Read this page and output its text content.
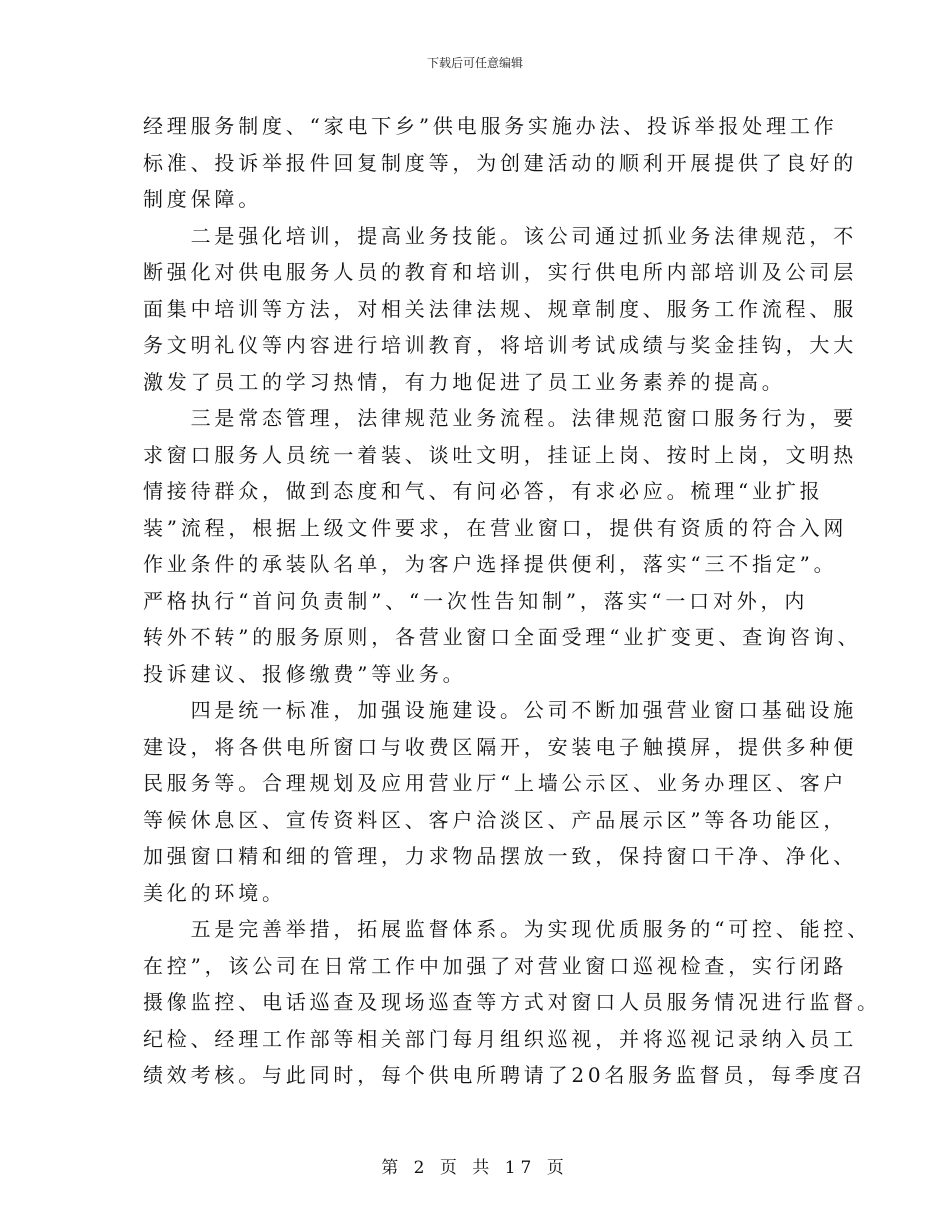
下载后可任意编辑
经理服务制度、“家电下乡”供电服务实施办法、投诉举报处理工作
标准、投诉举报件回复制度等，为创建活动的顺利开展提供了良好的
制度保障。
　　二是强化培训，提高业务技能。该公司通过抓业务法律规范，不
断强化对供电服务人员的教育和培训，实行供电所内部培训及公司层
面集中培训等方法，对相关法律法规、规章制度、服务工作流程、服
务文明礼仪等内容进行培训教育，将培训考试成绩与奖金挂钩，大大
激发了员工的学习热情，有力地促进了员工业务素养的提高。
　　三是常态管理，法律规范业务流程。法律规范窗口服务行为，要
求窗口服务人员统一着装、谈吐文明，挂证上岗、按时上岗，文明热
情接待群众，做到态度和气、有问必答，有求必应。梳理“业扩报
装”流程，根据上级文件要求，在营业窗口，提供有资质的符合入网
作业条件的承装队名单，为客户选择提供便利，落实“三不指定”。
严格执行“首问负责制”、“一次性告知制”，落实“一口对外，内
转外不转”的服务原则，各营业窗口全面受理“业扩变更、查询咨询、
投诉建议、报修缴费”等业务。
　　四是统一标准，加强设施建设。公司不断加强营业窗口基础设施
建设，将各供电所窗口与收费区隔开，安装电子触摸屏，提供多种便
民服务等。合理规划及应用营业厅“上墙公示区、业务办理区、客户
等候休息区、宣传资料区、客户洽淡区、产品展示区”等各功能区，
加强窗口精和细的管理，力求物品摆放一致，保持窗口干净、净化、
美化的环境。
　　五是完善举措，拓展监督体系。为实现优质服务的“可控、能控、
在控”，该公司在日常工作中加强了对营业窗口巡视检查，实行闭路
摄像监控、电话巡查及现场巡查等方式对窗口人员服务情况进行监督。
纪检、经理工作部等相关部门每月组织巡视，并将巡视记录纳入员工
绩效考核。与此同时，每个供电所聘请了20名服务监督员，每季度召
第 2 页 共 17 页
